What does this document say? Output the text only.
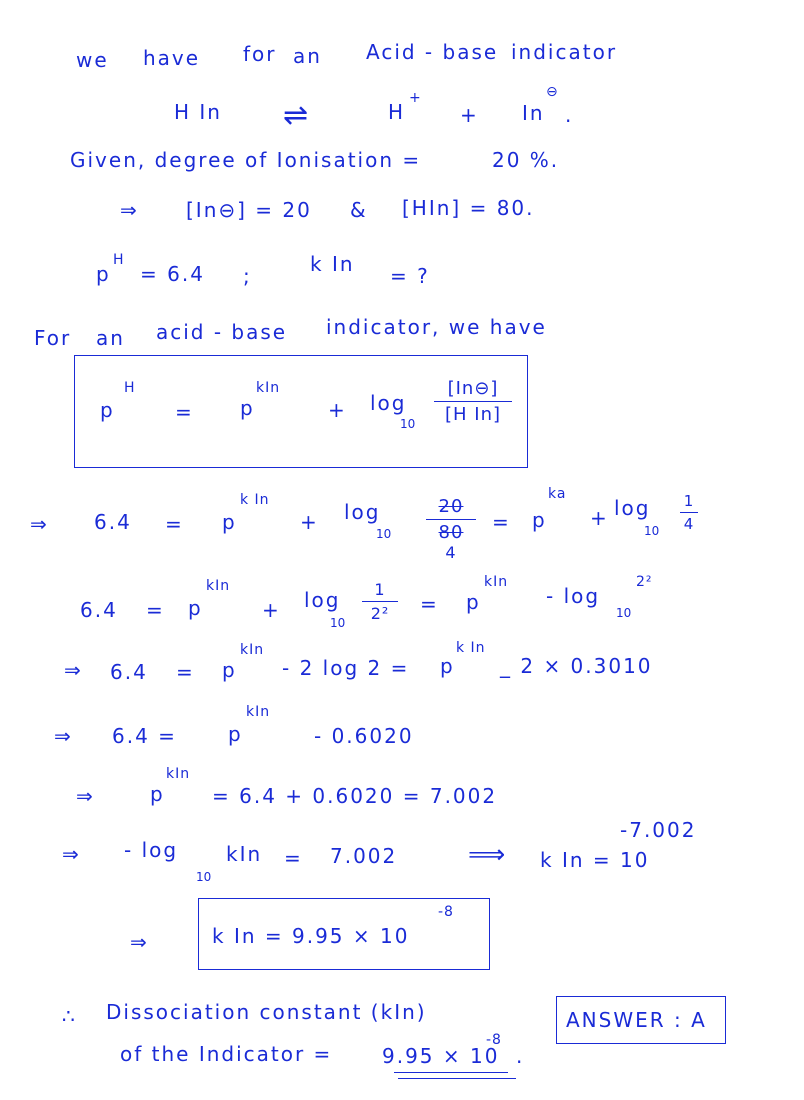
we have for an Acid - base indicator
H In ⇌	H
+
+ In
⊖
.
Given, degree of Ionisation =	20 %.
⇒ [In⊖] = 20 & [HIn] = 80.
p
H
= 6.4 ;	k In = ?
For an acid - base indicator, we have
p
H
= p
kIn
+ log
10
[In⊖]
[H In]
⇒ 6.4 = p
k In
+ log
10
20
80
4
= p
ka
+ log
10
1
4
6.4 = p
kIn
+ log
10
1
2²	= p
kIn
- log
10
2²
⇒ 6.4 = p
kIn
- 2 log 2 = p
k In
_ 2 × 0.3010
⇒ 6.4 =	p
kIn
- 0.6020
⇒	p
kIn
= 6.4 + 0.6020 = 7.002
⇒ - log
10
kIn = 7.002	⟹ k In = 10
-7.002
⇒	k In = 9.95 × 10
-8
∴ Dissociation constant (kIn)
of the Indicator = 9.95 × 10
-8
.
ANSWER : A
